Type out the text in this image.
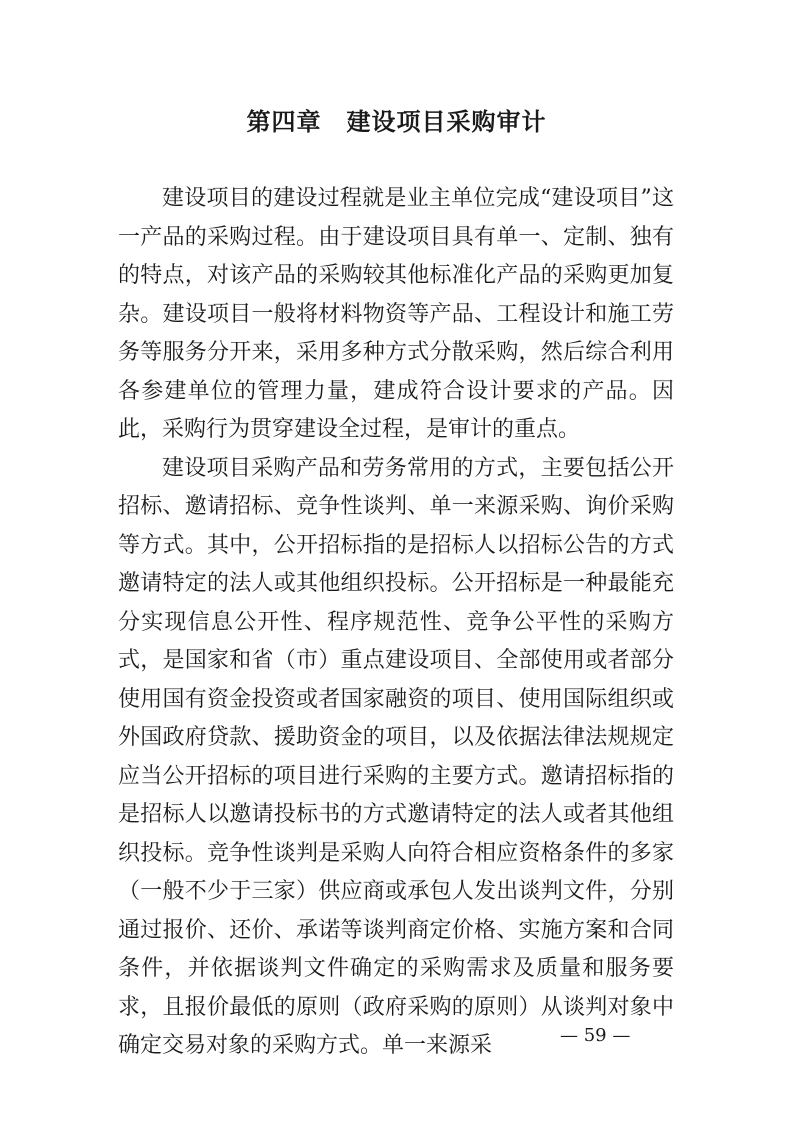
第四章　建设项目采购审计

建设项目的建设过程就是业主单位完成“建设项目”这一产品的采购过程。由于建设项目具有单一、定制、独有的特点，对该产品的采购较其他标准化产品的采购更加复杂。建设项目一般将材料物资等产品、工程设计和施工劳务等服务分开来，采用多种方式分散采购，然后综合利用各参建单位的管理力量，建成符合设计要求的产品。因此，采购行为贯穿建设全过程，是审计的重点。

建设项目采购产品和劳务常用的方式，主要包括公开招标、邀请招标、竞争性谈判、单一来源采购、询价采购等方式。其中，公开招标指的是招标人以招标公告的方式邀请特定的法人或其他组织投标。公开招标是一种最能充分实现信息公开性、程序规范性、竞争公平性的采购方式，是国家和省（市）重点建设项目、全部使用或者部分使用国有资金投资或者国家融资的项目、使用国际组织或外国政府贷款、援助资金的项目，以及依据法律法规规定应当公开招标的项目进行采购的主要方式。邀请招标指的是招标人以邀请投标书的方式邀请特定的法人或者其他组织投标。竞争性谈判是采购人向符合相应资格条件的多家（一般不少于三家）供应商或承包人发出谈判文件，分别通过报价、还价、承诺等谈判商定价格、实施方案和合同条件，并依据谈判文件确定的采购需求及质量和服务要求，且报价最低的原则（政府采购的原则）从谈判对象中确定交易对象的采购方式。单一来源采	— 59 —
